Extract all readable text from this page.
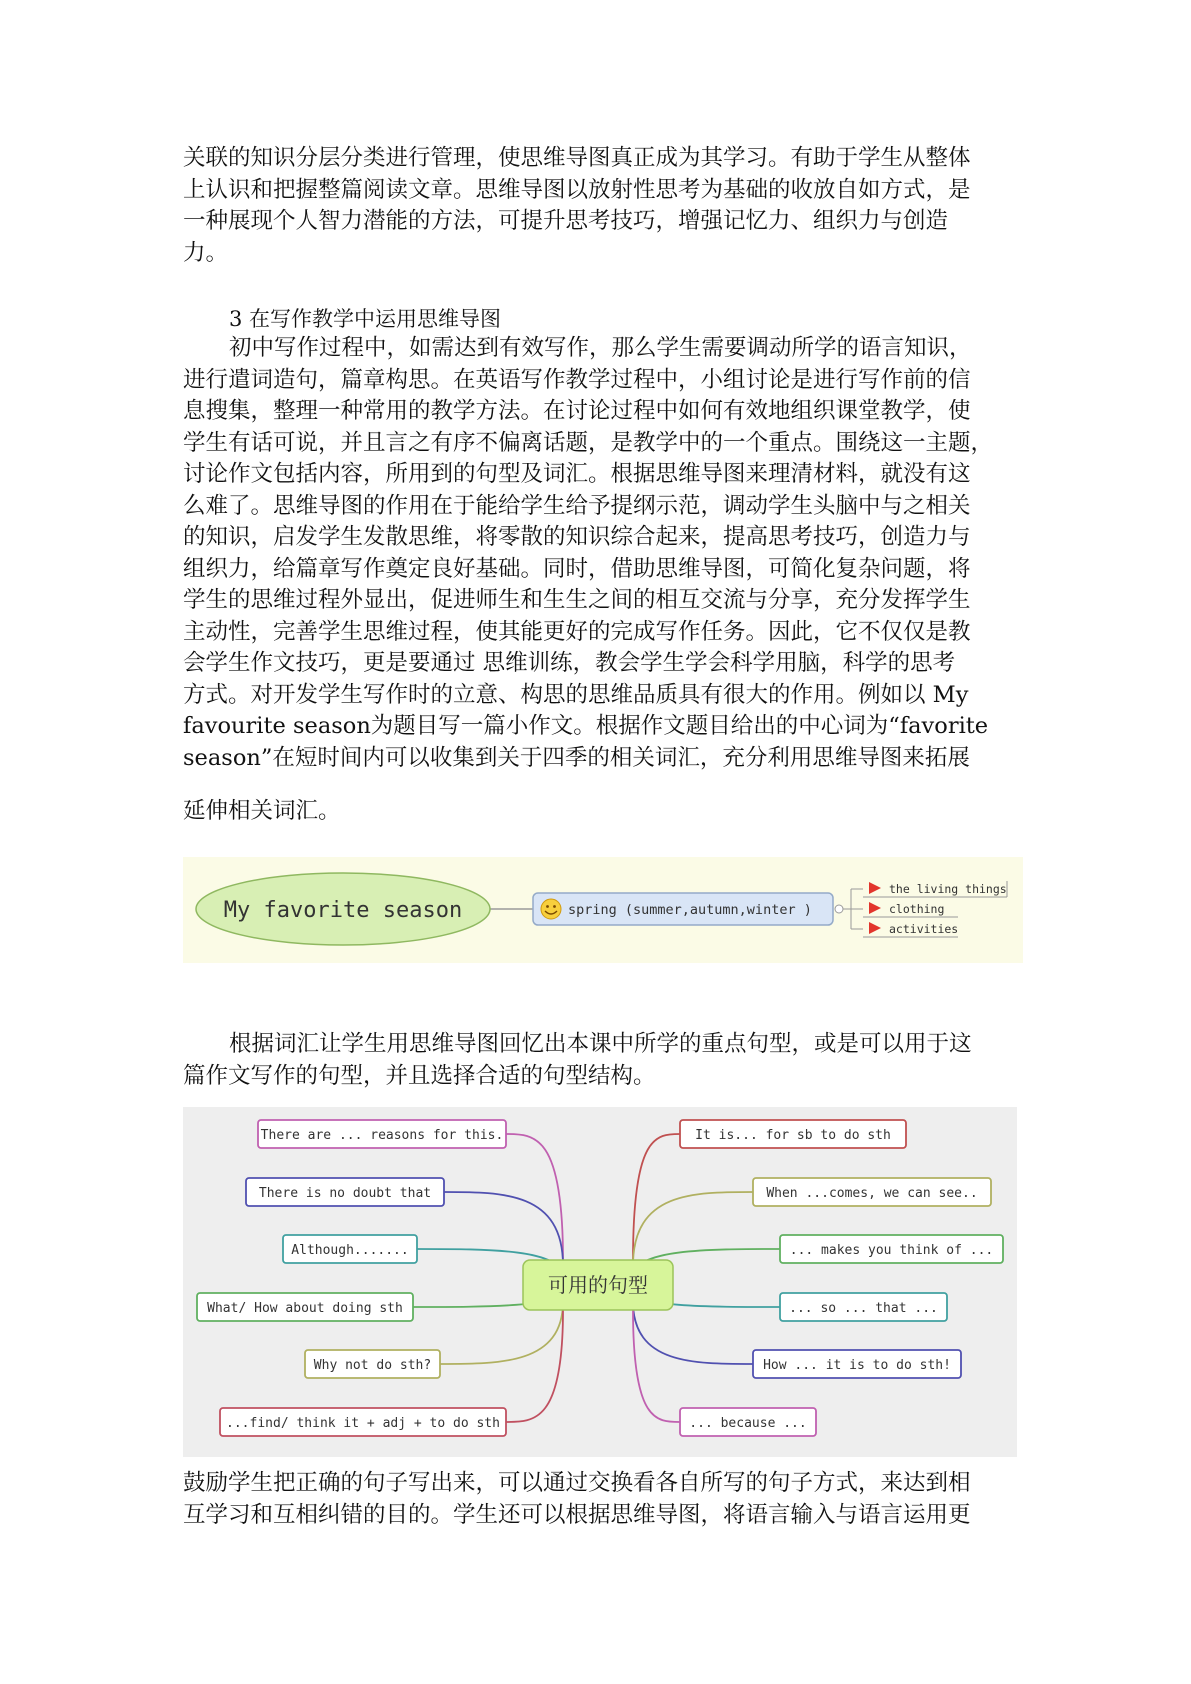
关联的知识分层分类进行管理，使思维导图真正成为其学习。有助于学生从整体
上认识和把握整篇阅读文章。思维导图以放射性思考为基础的收放自如方式，是
一种展现个人智力潜能的方法，可提升思考技巧，增强记忆力、组织力与创造
力。
3 在写作教学中运用思维导图
初中写作过程中，如需达到有效写作，那么学生需要调动所学的语言知识，
进行遣词造句，篇章构思。在英语写作教学过程中，小组讨论是进行写作前的信
息搜集，整理一种常用的教学方法。在讨论过程中如何有效地组织课堂教学，使
学生有话可说，并且言之有序不偏离话题，是教学中的一个重点。围绕这一主题，
讨论作文包括内容，所用到的句型及词汇。根据思维导图来理清材料，就没有这
么难了。思维导图的作用在于能给学生给予提纲示范，调动学生头脑中与之相关
的知识，启发学生发散思维，将零散的知识综合起来，提高思考技巧，创造力与
组织力，给篇章写作奠定良好基础。同时，借助思维导图，可简化复杂问题，将
学生的思维过程外显出，促进师生和生生之间的相互交流与分享，充分发挥学生
主动性，完善学生思维过程，使其能更好的完成写作任务。因此，它不仅仅是教
会学生作文技巧，更是要通过 思维训练，教会学生学会科学用脑，科学的思考
方式。对开发学生写作时的立意、构思的思维品质具有很大的作用。例如以 My
favourite season为题目写一篇小作文。根据作文题目给出的中心词为“favorite
season”在短时间内可以收集到关于四季的相关词汇，充分利用思维导图来拓展
延伸相关词汇。
My favorite season	spring (summer,autumn,winter )
the living things
clothing
activities
根据词汇让学生用思维导图回忆出本课中所学的重点句型，或是可以用于这
篇作文写作的句型，并且选择合适的句型结构。
There are ... reasons for this.
There is no doubt that
Although.......
What/ How about doing sth
Why not do sth?
...find/ think it + adj + to do sth
It is... for sb to do sth
When ...comes, we can see..
... makes you think of ...
... so ... that ...
How ... it is to do sth!
... because ...
可用的句型
鼓励学生把正确的句子写出来，可以通过交换看各自所写的句子方式，来达到相
互学习和互相纠错的目的。学生还可以根据思维导图，将语言输入与语言运用更
